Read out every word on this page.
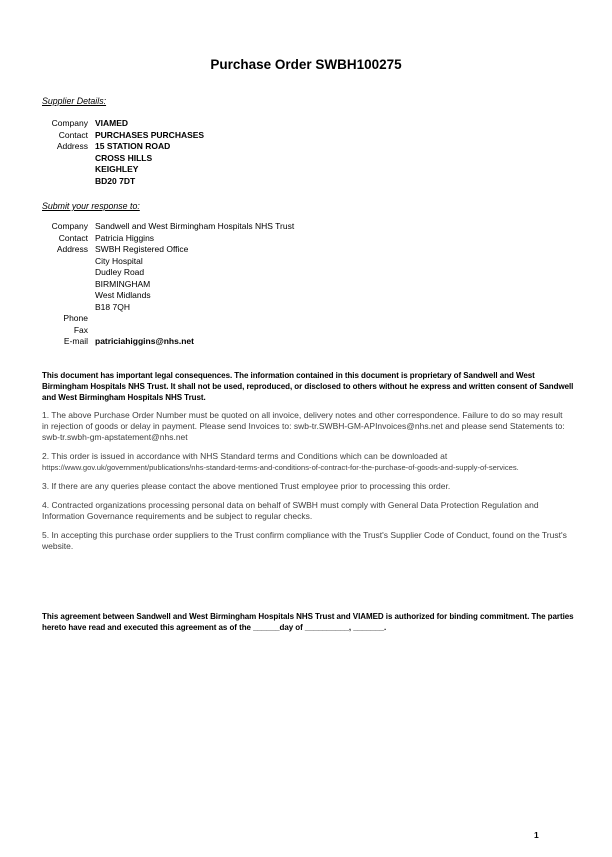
Purchase Order SWBH100275
Supplier Details:
Company VIAMED
Contact PURCHASES PURCHASES
Address 15 STATION ROAD
CROSS HILLS
KEIGHLEY
BD20 7DT
Submit your response to:
Company Sandwell and West Birmingham Hospitals NHS Trust
Contact Patricia Higgins
Address SWBH Registered Office
City Hospital
Dudley Road
BIRMINGHAM
West Midlands
B18 7QH
Phone
Fax
E-mail patriciahiggins@nhs.net

This document has important legal consequences. The information contained in this document is proprietary of Sandwell and West Birmingham Hospitals NHS Trust. It shall not be used, reproduced, or disclosed to others without he express and written consent of Sandwell and West Birmingham Hospitals NHS Trust.

1. The above Purchase Order Number must be quoted on all invoice, delivery notes and other correspondence. Failure to do so may result in rejection of goods or delay in payment. Please send Invoices to: swb-tr.SWBH-GM-APInvoices@nhs.net and please send Statements to: swb-tr.swbh-gm-apstatement@nhs.net

2. This order is issued in accordance with NHS Standard terms and Conditions which can be downloaded at https://www.gov.uk/government/publications/nhs-standard-terms-and-conditions-of-contract-for-the-purchase-of-goods-and-supply-of-services.

3. If there are any queries please contact the above mentioned Trust employee prior to processing this order.

4. Contracted organizations processing personal data on behalf of SWBH must comply with General Data Protection Regulation and Information Governance requirements and be subject to regular checks.

5. In accepting this purchase order suppliers to the Trust confirm compliance with the Trust's Supplier Code of Conduct, found on the Trust's website.

This agreement between Sandwell and West Birmingham Hospitals NHS Trust and VIAMED is authorized for binding commitment. The parties hereto have read and executed this agreement as of the ______day of __________, _______.

1
